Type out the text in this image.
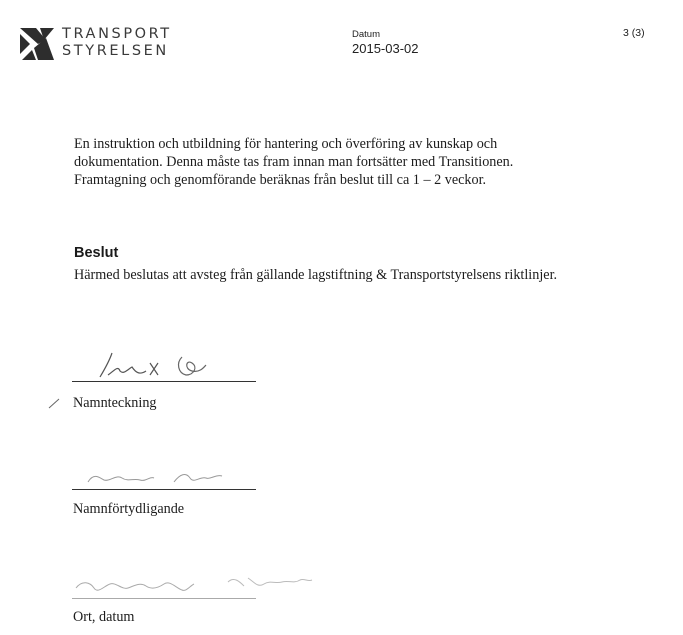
TRANSPORT
STYRELSEN
Datum
2015-03-02
3 (3)
En instruktion och utbildning för hantering och överföring av kunskap och dokumentation. Denna måste tas fram innan man fortsätter med Transitionen. Framtagning och genomförande beräknas från beslut till ca 1 – 2 veckor.
Beslut
Härmed beslutas att avsteg från gällande lagstiftning & Transportstyrelsens riktlinjer.
Namnteckning
Namnförtydligande
Ort, datum
